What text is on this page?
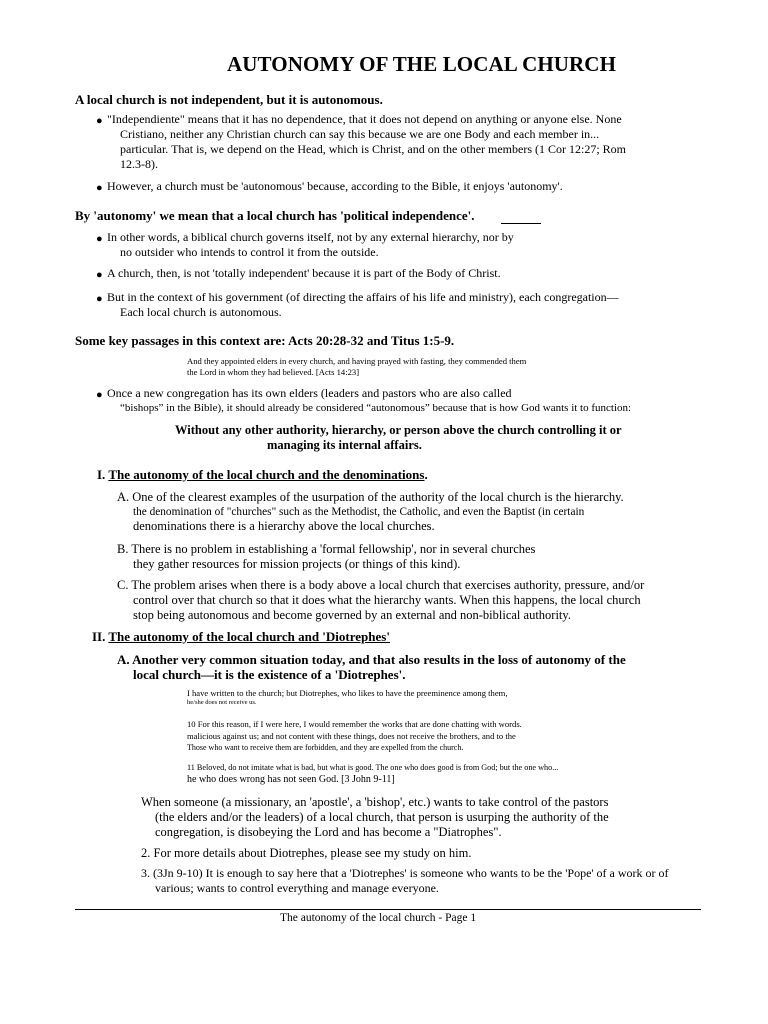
AUTONOMY OF THE LOCAL CHURCH

A local church is not independent, but it is autonomous.

● "Independiente" means that it has no dependence, that it does not depend on anything or anyone else. None

Cristiano, neither any Christian church can say this because we are one Body and each member in...

particular. That is, we depend on the Head, which is Christ, and on the other members (1 Cor 12:27; Rom

12.3-8).

● However, a church must be 'autonomous' because, according to the Bible, it enjoys 'autonomy'.

By 'autonomy' we mean that a local church has 'political independence'.

● In other words, a biblical church governs itself, not by any external hierarchy, nor by

no outsider who intends to control it from the outside.

● A church, then, is not 'totally independent' because it is part of the Body of Christ.

● But in the context of his government (of directing the affairs of his life and ministry), each congregation—

Each local church is autonomous.

Some key passages in this context are: Acts 20:28-32 and Titus 1:5-9.

And they appointed elders in every church, and having prayed with fasting, they commended them

the Lord in whom they had believed. [Acts 14:23]

● Once a new congregation has its own elders (leaders and pastors who are also called

“bishops” in the Bible), it should already be considered “autonomous” because that is how God wants it to function:

Without any other authority, hierarchy, or person above the church controlling it or

managing its internal affairs.

I. The autonomy of the local church and the denominations.

A. One of the clearest examples of the usurpation of the authority of the local church is the hierarchy.

the denomination of "churches" such as the Methodist, the Catholic, and even the Baptist (in certain

denominations there is a hierarchy above the local churches.

B. There is no problem in establishing a 'formal fellowship', nor in several churches

they gather resources for mission projects (or things of this kind).

C. The problem arises when there is a body above a local church that exercises authority, pressure, and/or

control over that church so that it does what the hierarchy wants. When this happens, the local church

stop being autonomous and become governed by an external and non-biblical authority.

II. The autonomy of the local church and 'Diotrephes'

A. Another very common situation today, and that also results in the loss of autonomy of the

local church—it is the existence of a 'Diotrephes'.

I have written to the church; but Diotrephes, who likes to have the preeminence among them,

he/she does not receive us.

10 For this reason, if I were here, I would remember the works that are done chatting with words.

malicious against us; and not content with these things, does not receive the brothers, and to the

Those who want to receive them are forbidden, and they are expelled from the church.

11 Beloved, do not imitate what is bad, but what is good. The one who does good is from God; but the one who...

he who does wrong has not seen God. [3 John 9-11]

When someone (a missionary, an 'apostle', a 'bishop', etc.) wants to take control of the pastors

(the elders and/or the leaders) of a local church, that person is usurping the authority of the

congregation, is disobeying the Lord and has become a "Diatrophes".

2. For more details about Diotrephes, please see my study on him.

3. (3Jn 9-10) It is enough to say here that a 'Diotrephes' is someone who wants to be the 'Pope' of a work or of

various; wants to control everything and manage everyone.

The autonomy of the local church - Page 1
